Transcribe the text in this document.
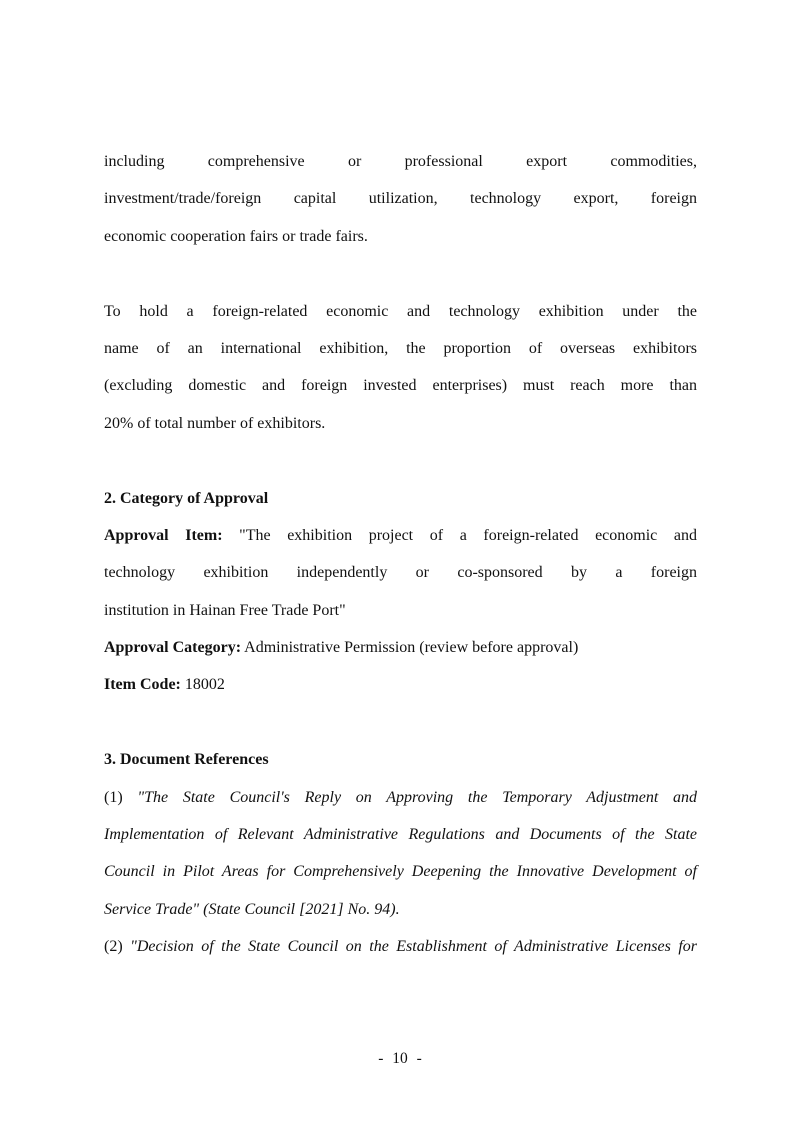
including comprehensive or professional export commodities,
investment/trade/foreign capital utilization, technology export, foreign
economic cooperation fairs or trade fairs.
To hold a foreign-related economic and technology exhibition under the
name of an international exhibition, the proportion of overseas exhibitors
(excluding domestic and foreign invested enterprises) must reach more than
20% of total number of exhibitors.
2. Category of Approval
Approval Item: "The exhibition project of a foreign-related economic and
technology exhibition independently or co-sponsored by a foreign
institution in Hainan Free Trade Port"
Approval Category: Administrative Permission (review before approval)
Item Code: 18002
3. Document References
(1) "The State Council's Reply on Approving the Temporary Adjustment and
Implementation of Relevant Administrative Regulations and Documents of the State
Council in Pilot Areas for Comprehensively Deepening the Innovative Development of
Service Trade" (State Council [2021] No. 94).
(2) "Decision of the State Council on the Establishment of Administrative Licenses for
- 10 -
